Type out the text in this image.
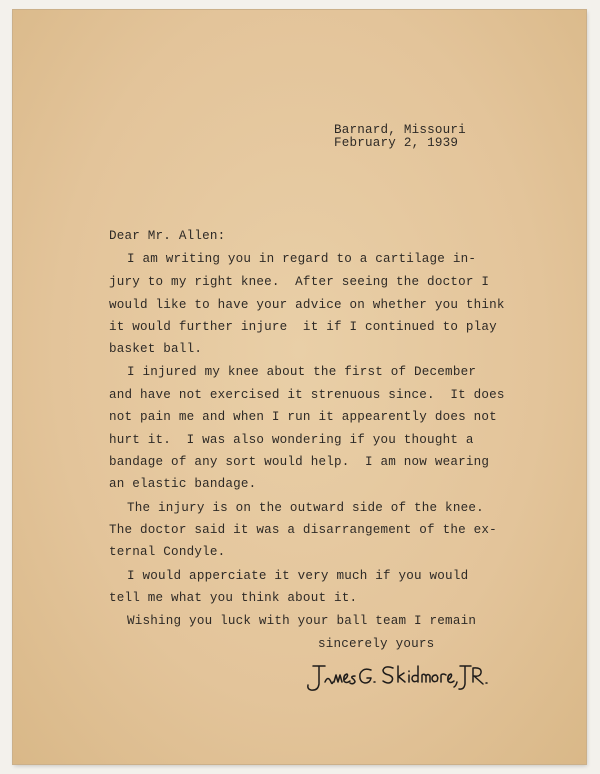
Barnard, Missouri
February 2, 1939
Dear Mr. Allen:
I am writing you in regard to a cartilage in-
jury to my right knee.  After seeing the doctor I
would like to have your advice on whether you think
it would further injure  it if I continued to play
basket ball.
I injured my knee about the first of December
and have not exercised it strenuous since.  It does
not pain me and when I run it appearently does not
hurt it.  I was also wondering if you thought a
bandage of any sort would help.  I am now wearing
an elastic bandage.
The injury is on the outward side of the knee.
The doctor said it was a disarrangement of the ex-
ternal Condyle.
I would apperciate it very much if you would
tell me what you think about it.
Wishing you luck with your ball team I remain
sincerely yours
